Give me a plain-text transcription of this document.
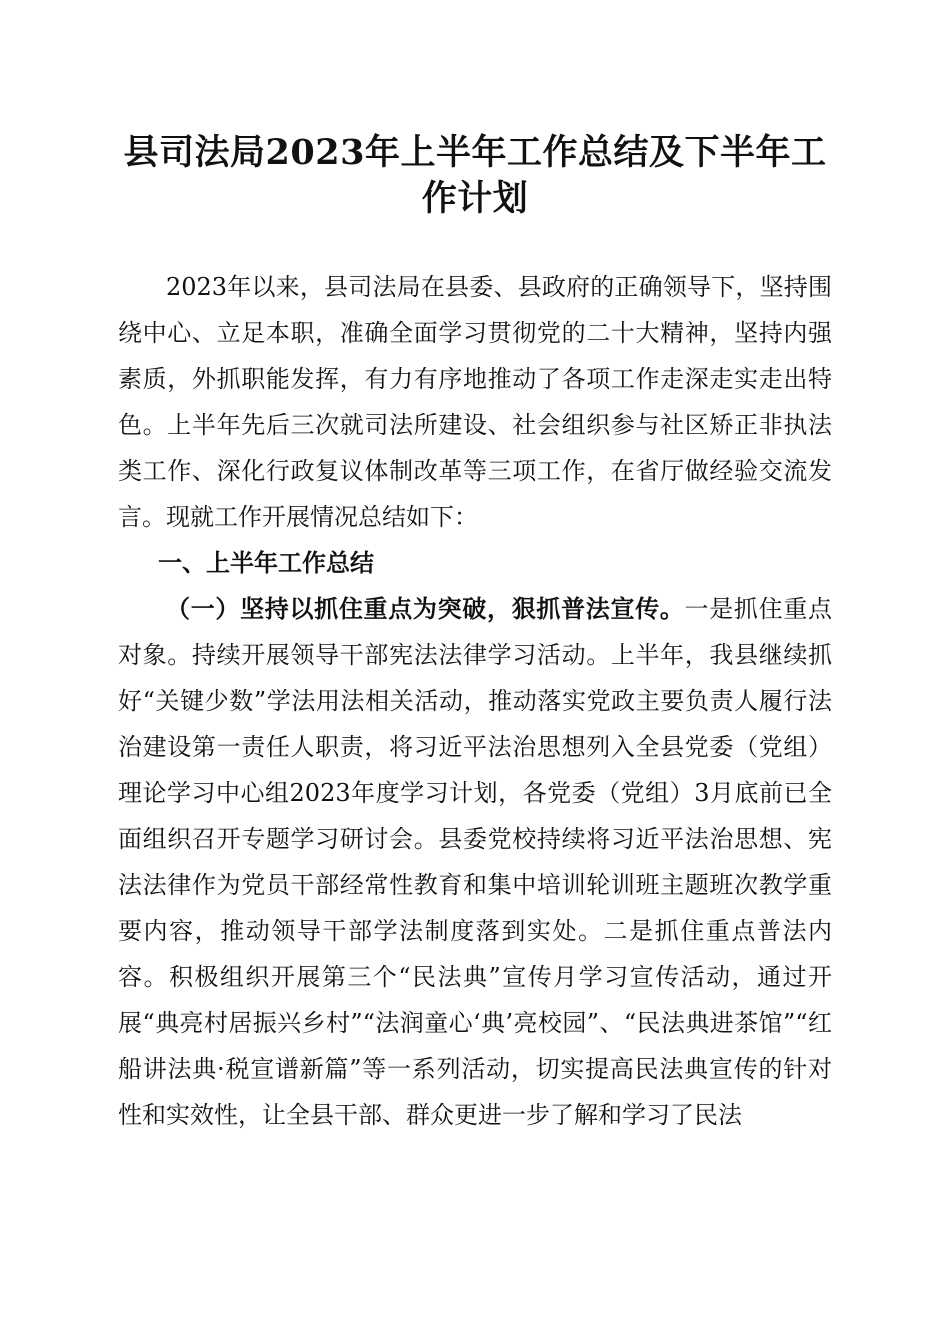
县司法局2023年上半年工作总结及下半年工作计划

2023年以来，县司法局在县委、县政府的正确领导下，坚持围绕中心、立足本职，准确全面学习贯彻党的二十大精神，坚持内强素质，外抓职能发挥，有力有序地推动了各项工作走深走实走出特色。上半年先后三次就司法所建设、社会组织参与社区矫正非执法类工作、深化行政复议体制改革等三项工作，在省厅做经验交流发言。现就工作开展情况总结如下：

一、上半年工作总结

（一）坚持以抓住重点为突破，狠抓普法宣传。一是抓住重点对象。持续开展领导干部宪法法律学习活动。上半年，我县继续抓好“关键少数”学法用法相关活动，推动落实党政主要负责人履行法治建设第一责任人职责，将习近平法治思想列入全县党委（党组）理论学习中心组2023年度学习计划，各党委（党组）3月底前已全面组织召开专题学习研讨会。县委党校持续将习近平法治思想、宪法法律作为党员干部经常性教育和集中培训轮训班主题班次教学重要内容，推动领导干部学法制度落到实处。二是抓住重点普法内容。积极组织开展第三个“民法典”宣传月学习宣传活动，通过开展“典亮村居振兴乡村”“法润童心‘典’亮校园”、“民法典进茶馆”“红船讲法典·税宣谱新篇”等一系列活动，切实提高民法典宣传的针对性和实效性，让全县干部、群众更进一步了解和学习了民法
